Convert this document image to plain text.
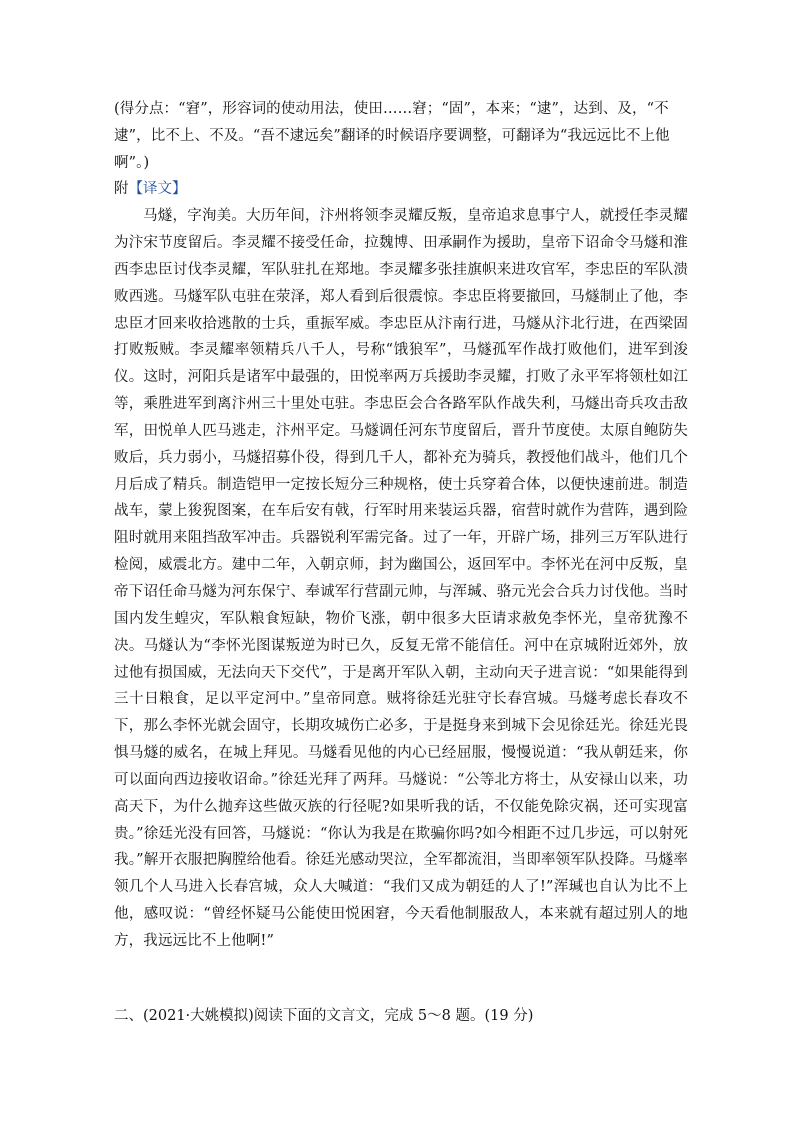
(得分点：“窘”，形容词的使动用法，使田……窘；“固”，本来；“逮”，达到、及，“不逮”，比不上、不及。“吾不逮远矣”翻译的时候语序要调整，可翻译为“我远远比不上他啊”。)

附【译文】

马燧，字洵美。大历年间，汴州将领李灵耀反叛，皇帝追求息事宁人，就授任李灵耀为汴宋节度留后。李灵耀不接受任命，拉魏博、田承嗣作为援助，皇帝下诏命令马燧和淮西李忠臣讨伐李灵耀，军队驻扎在郑地。李灵耀多张挂旗帜来进攻官军，李忠臣的军队溃败西逃。马燧军队屯驻在荥泽，郑人看到后很震惊。李忠臣将要撤回，马燧制止了他，李忠臣才回来收拾逃散的士兵，重振军威。李忠臣从汴南行进，马燧从汴北行进，在西梁固打败叛贼。李灵耀率领精兵八千人，号称“饿狼军”，马燧孤军作战打败他们，进军到浚仪。这时，河阳兵是诸军中最强的，田悦率两万兵援助李灵耀，打败了永平军将领杜如江等，乘胜进军到离汴州三十里处屯驻。李忠臣会合各路军队作战失利，马燧出奇兵攻击敌军，田悦单人匹马逃走，汴州平定。马燧调任河东节度留后，晋升节度使。太原自鲍防失败后，兵力弱小，马燧招募仆役，得到几千人，都补充为骑兵，教授他们战斗，他们几个月后成了精兵。制造铠甲一定按长短分三种规格，使士兵穿着合体，以便快速前进。制造战车，蒙上狻猊图案，在车后安有戟，行军时用来装运兵器，宿营时就作为营阵，遇到险阻时就用来阻挡敌军冲击。兵器锐利军需完备。过了一年，开辟广场，排列三万军队进行检阅，威震北方。建中二年，入朝京师，封为幽国公，返回军中。李怀光在河中反叛，皇帝下诏任命马燧为河东保宁、奉诚军行营副元帅，与浑瑊、骆元光会合兵力讨伐他。当时国内发生蝗灾，军队粮食短缺，物价飞涨，朝中很多大臣请求赦免李怀光，皇帝犹豫不决。马燧认为“李怀光图谋叛逆为时已久，反复无常不能信任。河中在京城附近郊外，放过他有损国威，无法向天下交代”，于是离开军队入朝，主动向天子进言说：“如果能得到三十日粮食，足以平定河中。”皇帝同意。贼将徐廷光驻守长春宫城。马燧考虑长春攻不下，那么李怀光就会固守，长期攻城伤亡必多，于是挺身来到城下会见徐廷光。徐廷光畏惧马燧的威名，在城上拜见。马燧看见他的内心已经屈服，慢慢说道：“我从朝廷来，你可以面向西边接收诏命。”徐廷光拜了两拜。马燧说：“公等北方将士，从安禄山以来，功高天下，为什么抛弃这些做灭族的行径呢?如果听我的话，不仅能免除灾祸，还可实现富贵。”徐廷光没有回答，马燧说：“你认为我是在欺骗你吗?如今相距不过几步远，可以射死我。”解开衣服把胸膛给他看。徐廷光感动哭泣，全军都流泪，当即率领军队投降。马燧率领几个人马进入长春宫城，众人大喊道：“我们又成为朝廷的人了!”浑瑊也自认为比不上他，感叹说：“曾经怀疑马公能使田悦困窘，今天看他制服敌人，本来就有超过别人的地方，我远远比不上他啊!”

二、(2021·大姚模拟)阅读下面的文言文，完成 5～8 题。(19 分)
